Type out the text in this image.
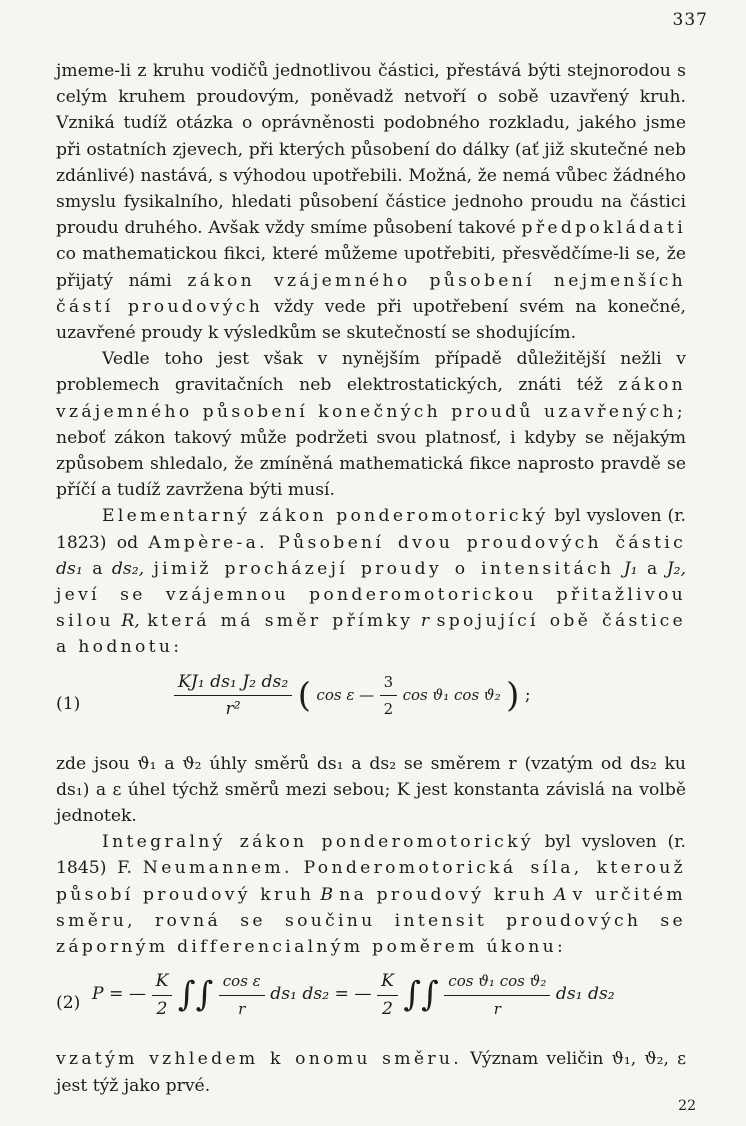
337

jmeme-li z kruhu vodičů jednotlivou částici, přestává býti stejnorodou s celým kruhem proudovým, poněvadž netvoří o sobě uzavřený kruh. Vzniká tudíž otázka o oprávněnosti podobného rozkladu, jakého jsme při ostatních zjevech, při kterých působení do dálky (ať již skutečné neb zdánlivé) nastává, s výhodou upotřebili. Možná, že nemá vůbec žádného smyslu fysikalního, hledati působení částice jednoho proudu na částici proudu druhého. Avšak vždy smíme působení takové předpokládati co mathematickou fikci, které můžeme upotřebiti, přesvědčíme-li se, že přijatý námi zákon vzájemného působení nejmenších částí proudových vždy vede při upotřebení svém na konečné, uzavřené proudy k výsledkům se skutečností se shodujícím.

Vedle toho jest však v nynějším případě důležitější nežli v problemech gravitačních neb elektrostatických, znáti též zákon vzájemného působení konečných proudů uzavřených; neboť zákon takový může podržeti svou platnosť, i kdyby se nějakým způsobem shledalo, že zmíněná mathematická fikce naprosto pravdě se příčí a tudíž zavržena býti musí.

Elementarný zákon ponderomotorický byl vysloven (r. 1823) od Ampère-a. Působení dvou proudových částic ds₁ a ds₂, jimiž procházejí proudy o intensitách J₁ a J₂, jeví se vzájemnou ponderomotorickou přitažlivou silou R, která má směr přímky r spojující obě částice a hodnotu:

(1)	$\frac{\text{KJ₁ ds₁ J₂ ds₂}}{\text{r²}}$ ( cos ε — $\frac{3}{2}$ cos ϑ₁ cos ϑ₂ ) ;

zde jsou ϑ₁ a ϑ₂ úhly směrů ds₁ a ds₂ se směrem r (vzatým od ds₂ ku ds₁) a ε úhel týchž směrů mezi sebou; K jest konstanta závislá na volbě jednotek.

Integralný zákon ponderomotorický byl vysloven (r. 1845) F. Neumannem. Ponderomotorická síla, kterouž působí proudový kruh B na proudový kruh A v určitém směru, rovná se součinu intensit proudových se záporným differencialným poměrem úkonu:

(2) P = — $\frac{K}{2}$ ∫∫ $\frac{\text{cos ε}}{r} ds_1$ ds₂ = — $\frac{K}{2}$ ∫∫ $\frac{\text{cos ϑ₁ cos ϑ₂}}{r} ds_1$ ds₂

vzatým vzhledem k onomu směru. Význam veličin ϑ₁, ϑ₂, ε jest týž jako prvé.

22
